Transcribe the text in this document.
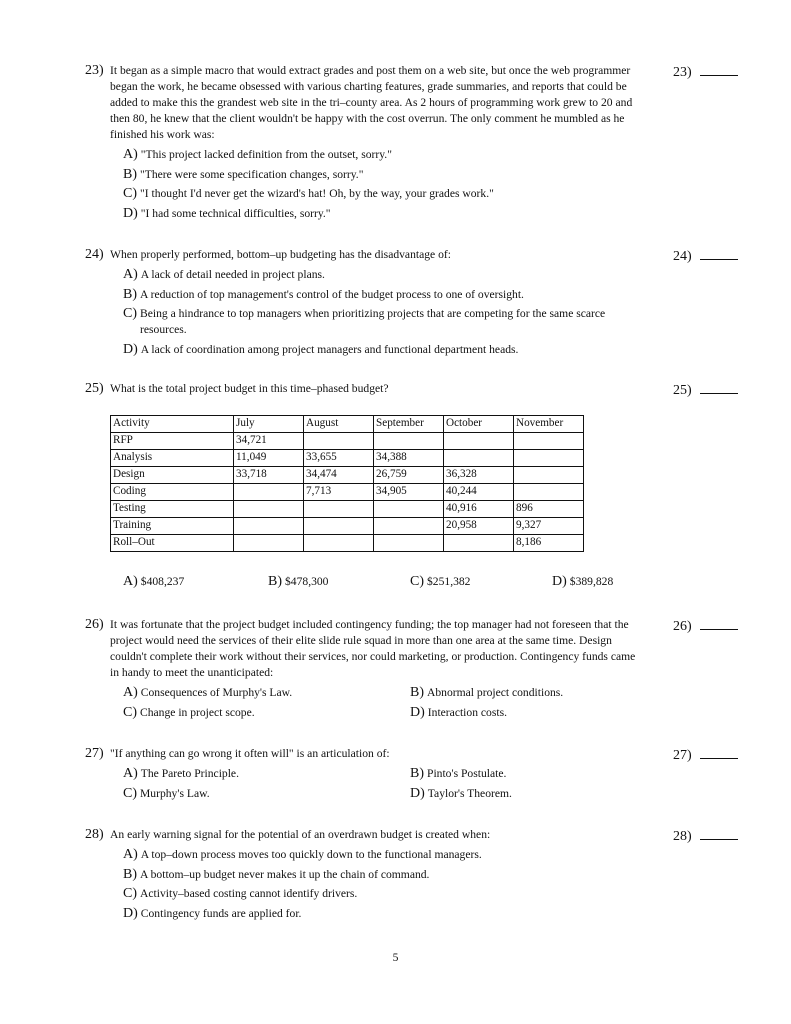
23) It began as a simple macro that would extract grades and post them on a web site, but once the web programmer began the work, he became obsessed with various charting features, grade summaries, and reports that could be added to make this the grandest web site in the tri–county area. As 2 hours of programming work grew to 20 and then 80, he knew that the client wouldn't be happy with the cost overrun. The only comment he mumbled as he finished his work was:
23)
A) "This project lacked definition from the outset, sorry."
B) "There were some specification changes, sorry."
C) "I thought I'd never get the wizard's hat! Oh, by the way, your grades work."
D) "I had some technical difficulties, sorry."
24) When properly performed, bottom–up budgeting has the disadvantage of:	24)
A) A lack of detail needed in project plans.
B) A reduction of top management's control of the budget process to one of oversight.
C) Being a hindrance to top managers when prioritizing projects that are competing for the same scarce resources.
D) A lack of coordination among project managers and functional department heads.
25) What is the total project budget in this time–phased budget?	25)
Activity	July	August	September	October	November
RFP	34,721				
Analysis	11,049	33,655	34,388		
Design	33,718	34,474	26,759	36,328	
Coding		7,713	34,905	40,244	
Testing				40,916	896
Training				20,958	9,327
Roll–Out					8,186
A) $408,237	B) $478,300	C) $251,382	D) $389,828
26) It was fortunate that the project budget included contingency funding; the top manager had not foreseen that the project would need the services of their elite slide rule squad in more than one area at the same time. Design couldn't complete their work without their services, nor could marketing, or production. Contingency funds came in handy to meet the unanticipated:
26)
A) Consequences of Murphy's Law.	B) Abnormal project conditions.
C) Change in project scope.	D) Interaction costs.
27) "If anything can go wrong it often will" is an articulation of:	27)
A) The Pareto Principle.	B) Pinto's Postulate.
C) Murphy's Law.	D) Taylor's Theorem.
28) An early warning signal for the potential of an overdrawn budget is created when:	28)
A) A top–down process moves too quickly down to the functional managers.
B) A bottom–up budget never makes it up the chain of command.
C) Activity–based costing cannot identify drivers.
D) Contingency funds are applied for.
5
